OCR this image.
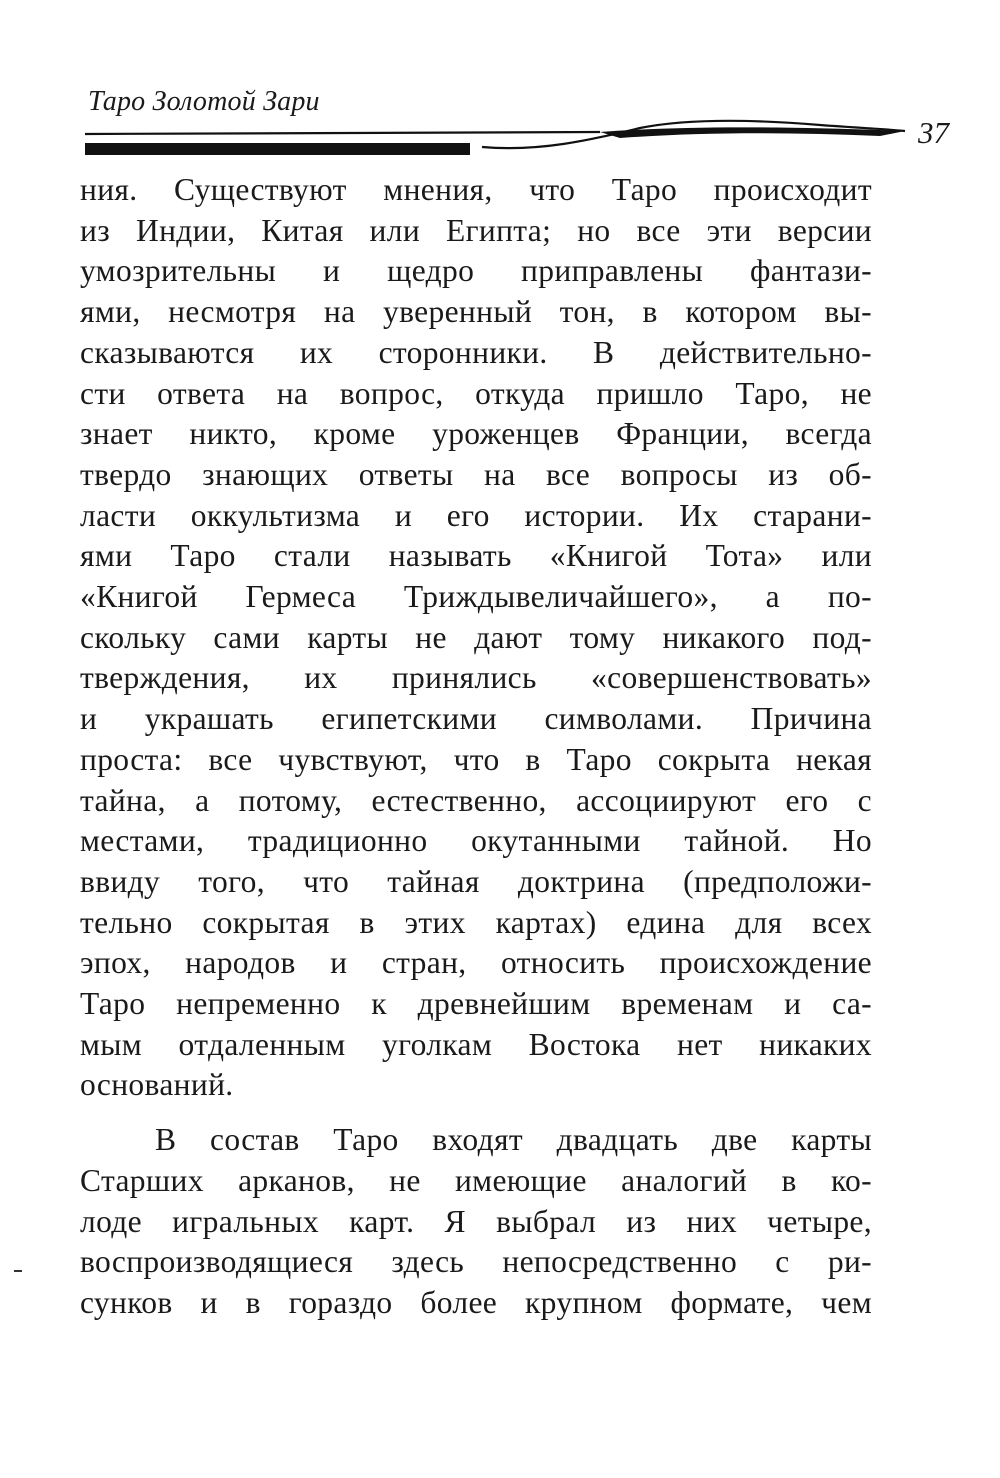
Таро Золотой Зари
37
ния. Существуют мнения, что Таро происходит
из Индии, Китая или Египта; но все эти версии
умозрительны и щедро приправлены фантази-
ями, несмотря на уверенный тон, в котором вы-
сказываются их сторонники. В действительно-
сти ответа на вопрос, откуда пришло Таро, не
знает никто, кроме уроженцев Франции, всегда
твердо знающих ответы на все вопросы из об-
ласти оккультизма и его истории. Их старани-
ями Таро стали называть «Книгой Тота» или
«Книгой Гермеса Триждывеличайшего», а по-
скольку сами карты не дают тому никакого под-
тверждения, их принялись «совершенствовать»
и украшать египетскими символами. Причина
проста: все чувствуют, что в Таро сокрыта некая
тайна, а потому, естественно, ассоциируют его с
местами, традиционно окутанными тайной. Но
ввиду того, что тайная доктрина (предположи-
тельно сокрытая в этих картах) едина для всех
эпох, народов и стран, относить происхождение
Таро непременно к древнейшим временам и са-
мым отдаленным уголкам Востока нет никаких
оснований.
В состав Таро входят двадцать две карты
Старших арканов, не имеющие аналогий в ко-
лоде игральных карт. Я выбрал из них четыре,
воспроизводящиеся здесь непосредственно с ри-
сунков и в гораздо более крупном формате, чем
